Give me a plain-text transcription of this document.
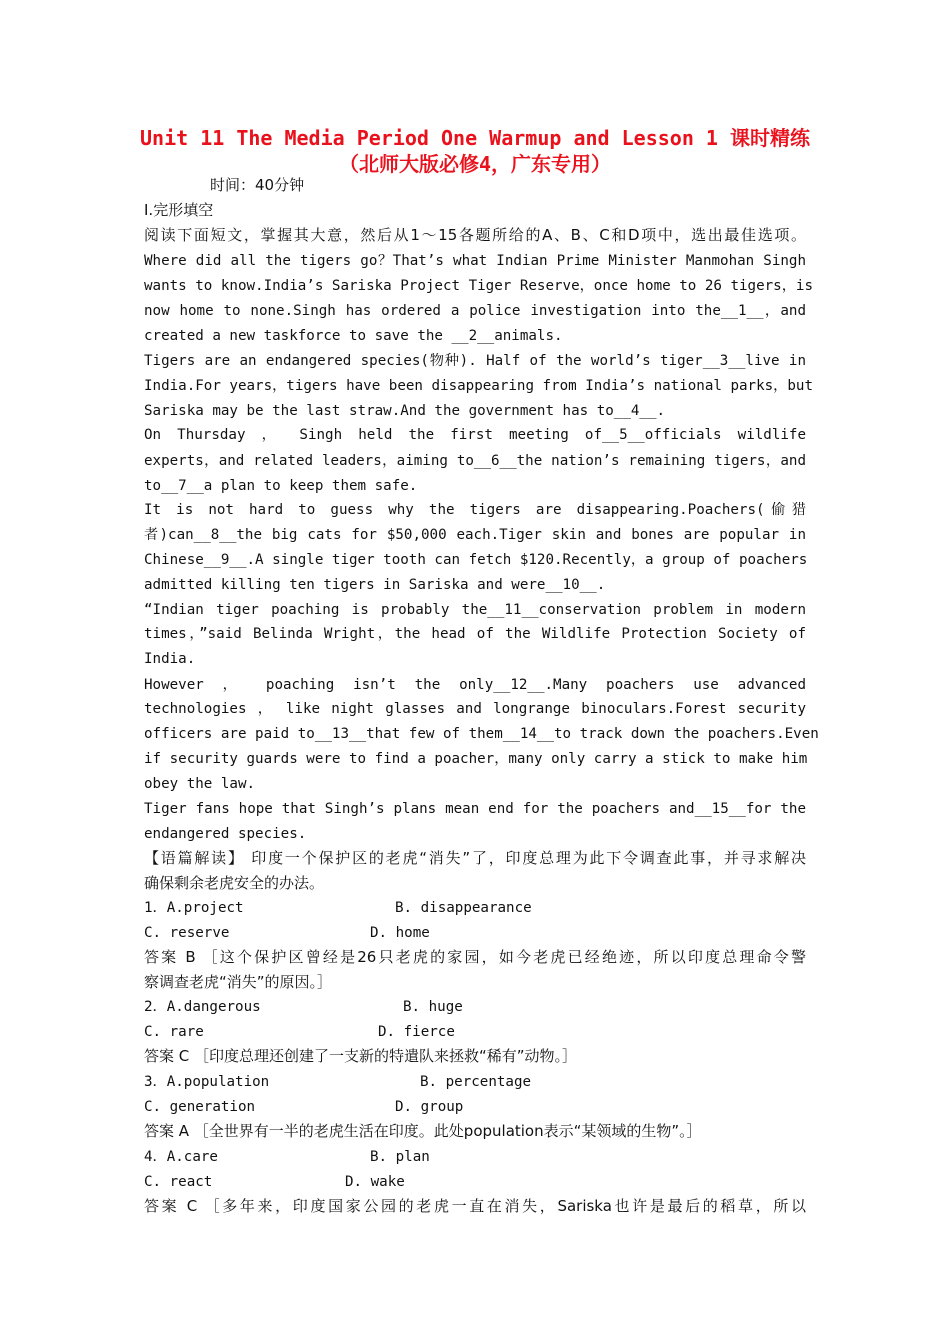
Unit 11 The Media Period One Warmup and Lesson 1 课时精练
（北师大版必修4，广东专用）
时间：40分钟
I.完形填空
阅读下面短文，掌握其大意，然后从1～15各题所给的A、B、C和D项中，选出最佳选项。
Where did all the tigers go？That’s what Indian Prime Minister Manmohan Singh
wants to know.India’s Sariska Project Tiger Reserve，once home to 26 tigers，is
now home to none.Singh has ordered a police investigation into the__1__，and
created a new taskforce to save the __2__animals.
Tigers are an endangered species(物种). Half of the world’s tiger__3__live in
India.For years，tigers have been disappearing from India’s national parks，but
Sariska may be the last straw.And the government has to__4__.
On Thursday ， Singh held the first meeting of__5__officials wildlife
experts，and related leaders，aiming to__6__the nation’s remaining tigers，and
to__7__a plan to keep them safe.
It is not hard to guess why the tigers are disappearing.Poachers(偷猎
者)can__8__the big cats for $50,000 each.Tiger skin and bones are popular in
Chinese__9__.A single tiger tooth can fetch $120.Recently，a group of poachers
admitted killing ten tigers in Sariska and were__10__.
“Indian tiger poaching is probably the__11__conservation problem in modern
times，”said Belinda Wright，the head of the Wildlife Protection Society of
India.
However ， poaching isn’t the only__12__.Many poachers use advanced
technologies ， like night glasses and longrange binoculars.Forest security
officers are paid to__13__that few of them__14__to track down the poachers.Even
if security guards were to find a poacher，many only carry a stick to make him
obey the law.
Tiger fans hope that Singh’s plans mean end for the poachers and__15__for the
endangered species.
【语篇解读】 印度一个保护区的老虎“消失”了，印度总理为此下令调查此事，并寻求解决
确保剩余老虎安全的办法。
1．A.project	B. disappearance
C. reserve	D. home
答案 B ［这个保护区曾经是26只老虎的家园，如今老虎已经绝迹，所以印度总理命令警
察调查老虎“消失”的原因。］
2．A.dangerous	B. huge
C. rare	D. fierce
答案 C ［印度总理还创建了一支新的特遣队来拯救“稀有”动物。］
3．A.population	B. percentage
C. generation	D. group
答案 A ［全世界有一半的老虎生活在印度。此处population表示“某领域的生物”。］
4．A.care	B. plan
C. react	D. wake
答案 C ［多年来，印度国家公园的老虎一直在消失，Sariska也许是最后的稻草，所以
